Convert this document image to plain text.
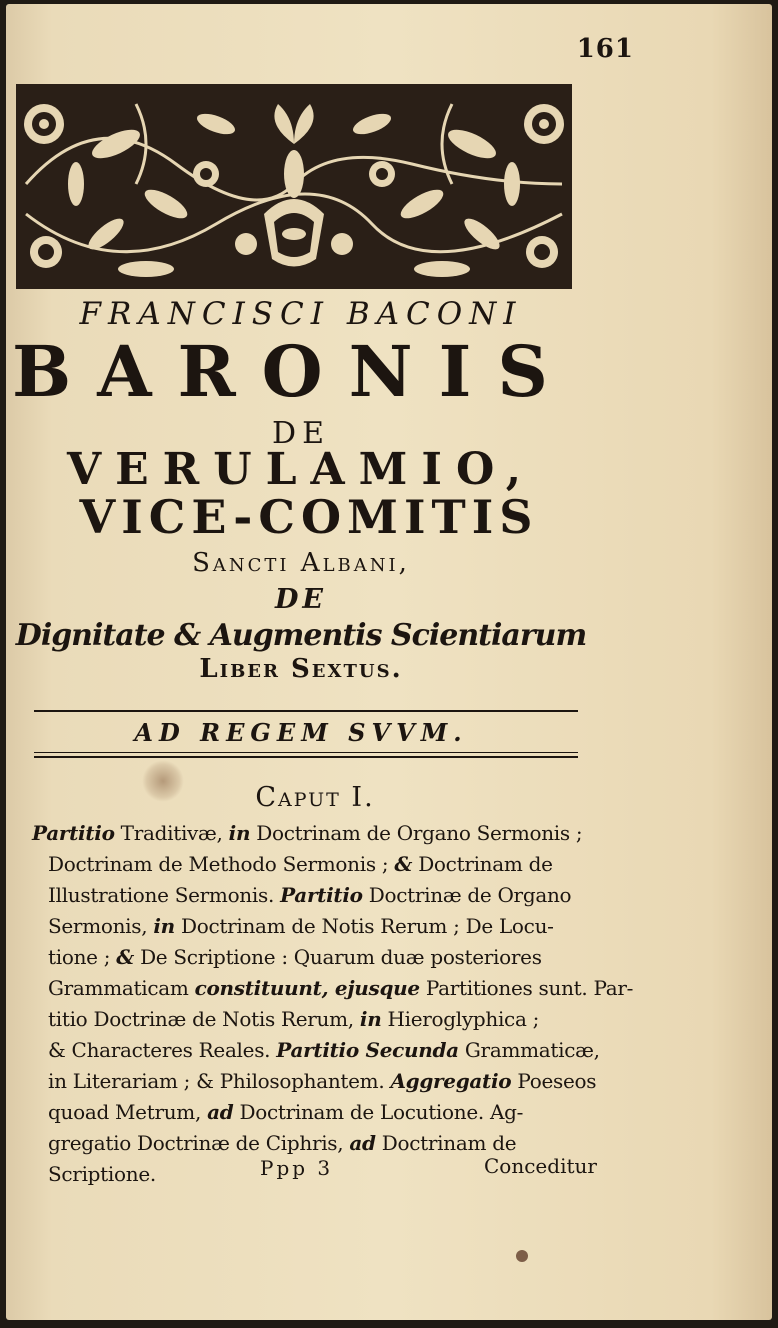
161
FRANCISCI BACONI
BARONIS
DE
VERULAMIO,
VICE-COMITIS
Sancti Albani,
DE
Dignitate & Augmentis Scientiarum
Liber Sextus.
AD REGEM SVVM.
Caput I.
Partitio Traditivæ, in Doctrinam de Organo Sermonis ;
Doctrinam de Methodo Sermonis ; & Doctrinam de
Illustratione Sermonis. Partitio Doctrinæ de Organo
Sermonis, in Doctrinam de Notis Rerum ; De Locu-
tione ; & De Scriptione : Quarum duæ posteriores
Grammaticam constituunt, ejusque Partitiones sunt. Par-
titio Doctrinæ de Notis Rerum, in Hieroglyphica ;
& Characteres Reales. Partitio Secunda Grammaticæ,
in Literariam ; & Philosophantem. Aggregatio Poeseos
quoad Metrum, ad Doctrinam de Locutione. Ag-
gregatio Doctrinæ de Ciphris, ad Doctrinam de
Scriptione.	Ppp 3	Conceditur
